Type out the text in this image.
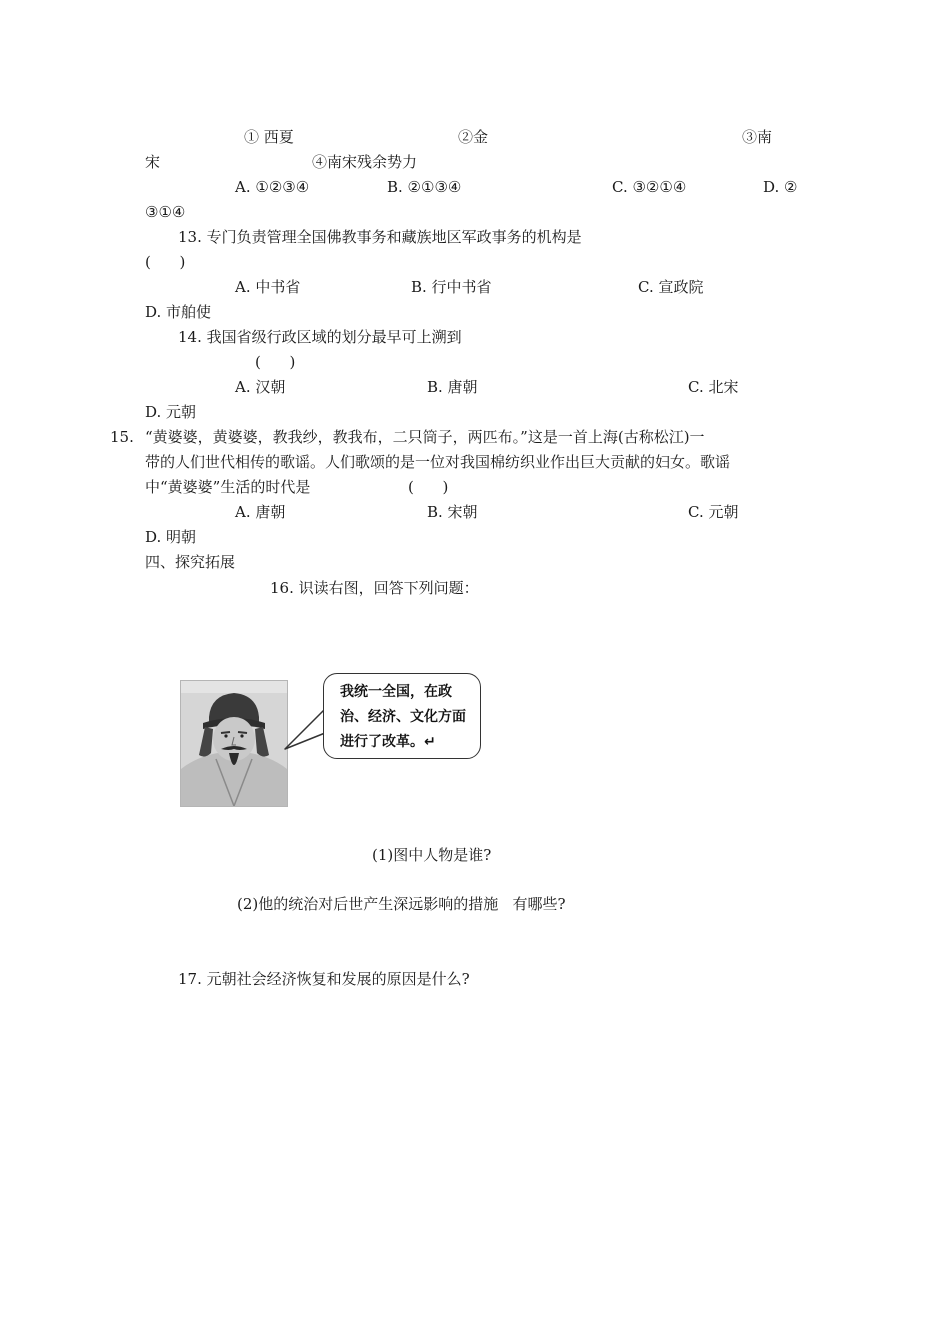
① 西夏	②金	③南
宋	④南宋残余势力
A. ①②③④	B. ②①③④	C. ③②①④	D. ②
③①④
13. 专门负责管理全国佛教事务和藏族地区军政事务的机构是
(      )
A. 中书省	B. 行中书省	C. 宣政院
D. 市舶使
14. 我国省级行政区域的划分最早可上溯到
(      )
A. 汉朝	B. 唐朝	C. 北宋
D. 元朝
15. “黄婆婆，黄婆婆，教我纱，教我布，二只筒子，两匹布。”这是一首上海(古称松江)一
带的人们世代相传的歌谣。人们歌颂的是一位对我国棉纺织业作出巨大贡献的妇女。歌谣
中“黄婆婆”生活的时代是	(      )
A. 唐朝	B. 宋朝	C. 元朝
D. 明朝
四、探究拓展
16. 识读右图，回答下列问题：
我统一全国，在政
治、经济、文化方面
进行了改革。↵
(1)图中人物是谁?
(2)他的统治对后世产生深远影响的措施   有哪些?
17. 元朝社会经济恢复和发展的原因是什么?
